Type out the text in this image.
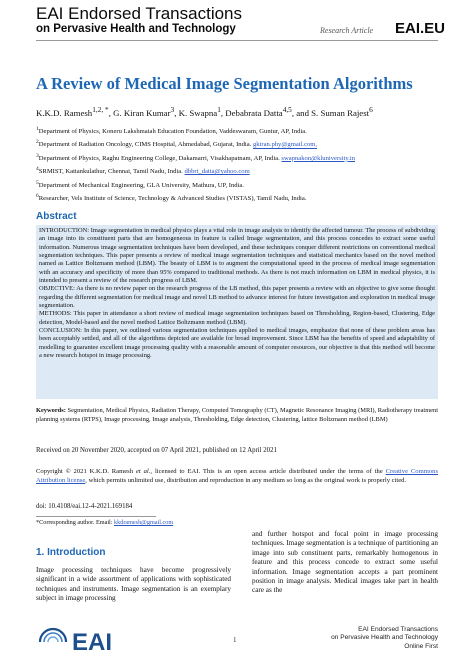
EAI Endorsed Transactions
on Pervasive Health and Technology	Research Article EAI.EU
A Review of Medical Image Segmentation Algorithms
K.K.D. Ramesh$^{1,2, *}$, G. Kiran Kumar$^3$, K. Swapna$^1$, Debabrata Datta$^{4,5}$, and S. Suman Rajest$^6$
$^1$Department of Physics, Koneru Lakshmaiah Education Foundation, Vaddeswaram, Guntur, AP, India.
$^2$Department of Radiation Oncology, CIMS Hospital, Ahmedabad, Gujarat, India. gkiran.phy@gmail.com,
$^3$Department of Physics, Raghu Engineering College, Dakamarri, Visakhapatnam, AP, India. swapnakon@kluniversity.in
$^4$SRMIST, Kattankulathur, Chennai, Tamil Nadu, India. dbbrt_datta@yahoo.com
$^5$Department of Mechanical Engineering, GLA University, Mathura, UP, India.
$^6$Researcher, Vels Institute of Science, Technology & Advanced Studies (VISTAS), Tamil Nadu, India.
Abstract

INTRODUCTION: Image segmentation in medical physics plays a vital role in image analysis to identify the affected tumour. The process of subdividing an image into its constituent parts that are homogeneous in feature is called Image segmentation, and this process concedes to extract some useful information. Numerous image segmentation techniques have been developed, and these techniques conquer different restrictions on conventional medical segmentation techniques. This paper presents a review of medical image segmentation techniques and statistical mechanics based on the novel method named as Lattice Boltzmann method (LBM). The beauty of LBM is to augment the computational speed in the process of medical image segmentation with an accuracy and specificity of more than 95% compared to traditional methods. As there is not much information on LBM in medical physics, it is intended to present a review of the research progress of LBM.

OBJECTIVE: As there is no review paper on the research progress of the LB method, this paper presents a review with an objective to give some thought regarding the different segmentation for medical image and novel LB method to advance interest for future investigation and exploration in medical image segmentation.

METHODS: This paper in attendance a short review of medical image segmentation techniques based on Thresholding, Region-based, Clustering, Edge detection, Model-based and the novel method Lattice Boltzmann method (LBM).

CONCLUSION: In this paper, we outlined various segmentation techniques applied to medical images, emphasize that none of these problem areas has been acceptably settled, and all of the algorithms depicted are available for broad improvement. Since LBM has the benefits of speed and adaptability of modelling to guarantee excellent image processing quality with a reasonable amount of computer resources, our objective is that this method will become a new research hotspot in image processing.

Keywords: Segmentation, Medical Physics, Radiation Therapy, Computed Tomography (CT), Magnetic Resonance Imaging (MRI), Radiotherapy treatment planning systems (RTPS), Image processing, Image analysis, Thresholding, Edge detection, Clustering, lattice Boltzmann method (LBM)
Received on 20 November 2020, accepted on 07 April 2021, published on 12 April 2021
Copyright © 2021 K.K.D. Ramesh et al., licensed to EAI. This is an open access article distributed under the terms of the Creative Commons Attribution license, which permits unlimited use, distribution and reproduction in any medium so long as the original work is properly cited.
doi: 10.4108/eai.12-4-2021.169184
*Corresponding author. Email: kkdramesh@gmail.com
1. Introduction
Image processing techniques have become progressively significant in a wide assortment of applications with sophisticated techniques and instruments. Image segmentation is an exemplary subject in image processing
and further hotspot and focal point in image processing techniques. Image segmentation is a technique of partitioning an image into sub constituent parts, remarkably homogenous in feature and this process concede to extract some useful information. Image segmentation accepts a part prominent position in image analysis. Medical images take part in health care as the
EAI	1
EAI Endorsed Transactions
on Pervasive Health and Technology
Online First
